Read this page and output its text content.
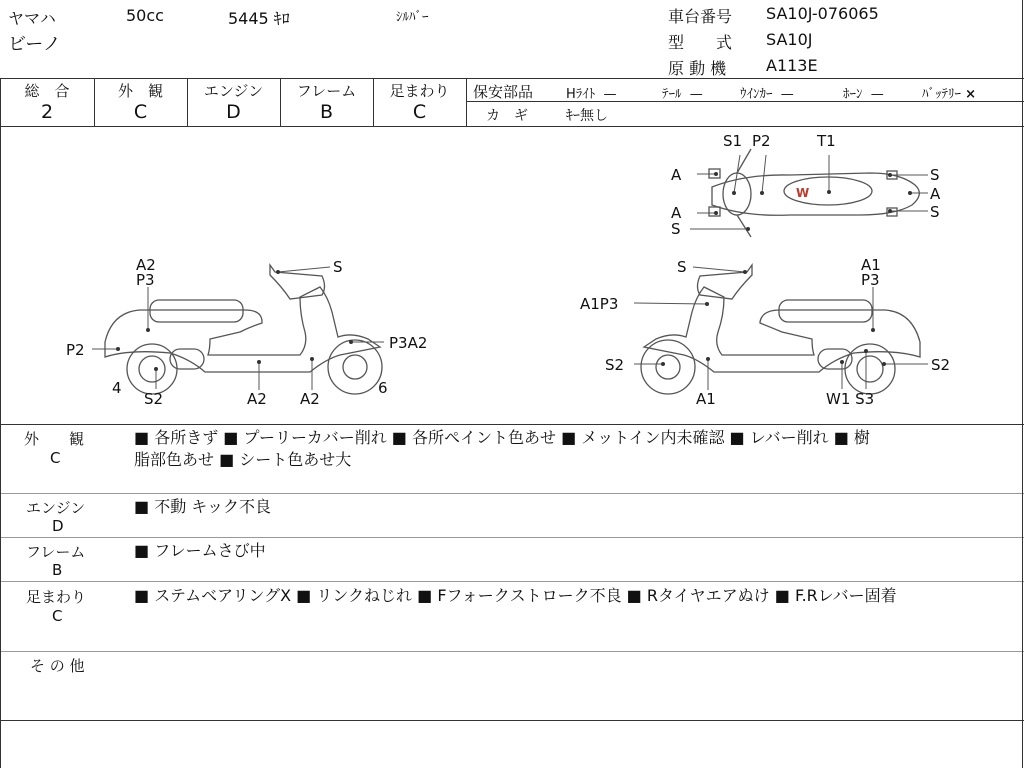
ヤマハ	50cc	5445 ｷﾛ	ｼﾙﾊﾞｰ
ビーノ
車台番号 SA10J-076065
型　　式 SA10J
原 動 機 A113E
総　合
2
外　観
C
エンジン
D
フレーム
B
足まわり
C
保安部品	Hﾗｲﾄ —	ﾃｰﾙ —	ｳｲﾝｶｰ —	ﾎｰﾝ —	ﾊﾞｯﾃﾘｰ ×
カ　ギ	ｷｰ無し
W
S1 P2	T1
A
A
S
S
A
S
A2
P3
S
P2
4
S2	A2 A2
P3A2
6
S	A1
P3
A1P3
S2
A1	W1 S3
S2
外　　観
C
■ 各所きず ■ プーリーカバー削れ ■ 各所ペイント色あせ ■ メットイン内未確認 ■ レバー削れ ■ 樹
脂部色あせ ■ シート色あせ大
エンジン
D
■ 不動 キック不良
フレーム
B
■ フレームさび中
足まわり
C
■ ステムベアリングX ■ リンクねじれ ■ Fフォークストローク不良 ■ Rタイヤエアぬけ ■ F.Rレバー固着
そ の 他
